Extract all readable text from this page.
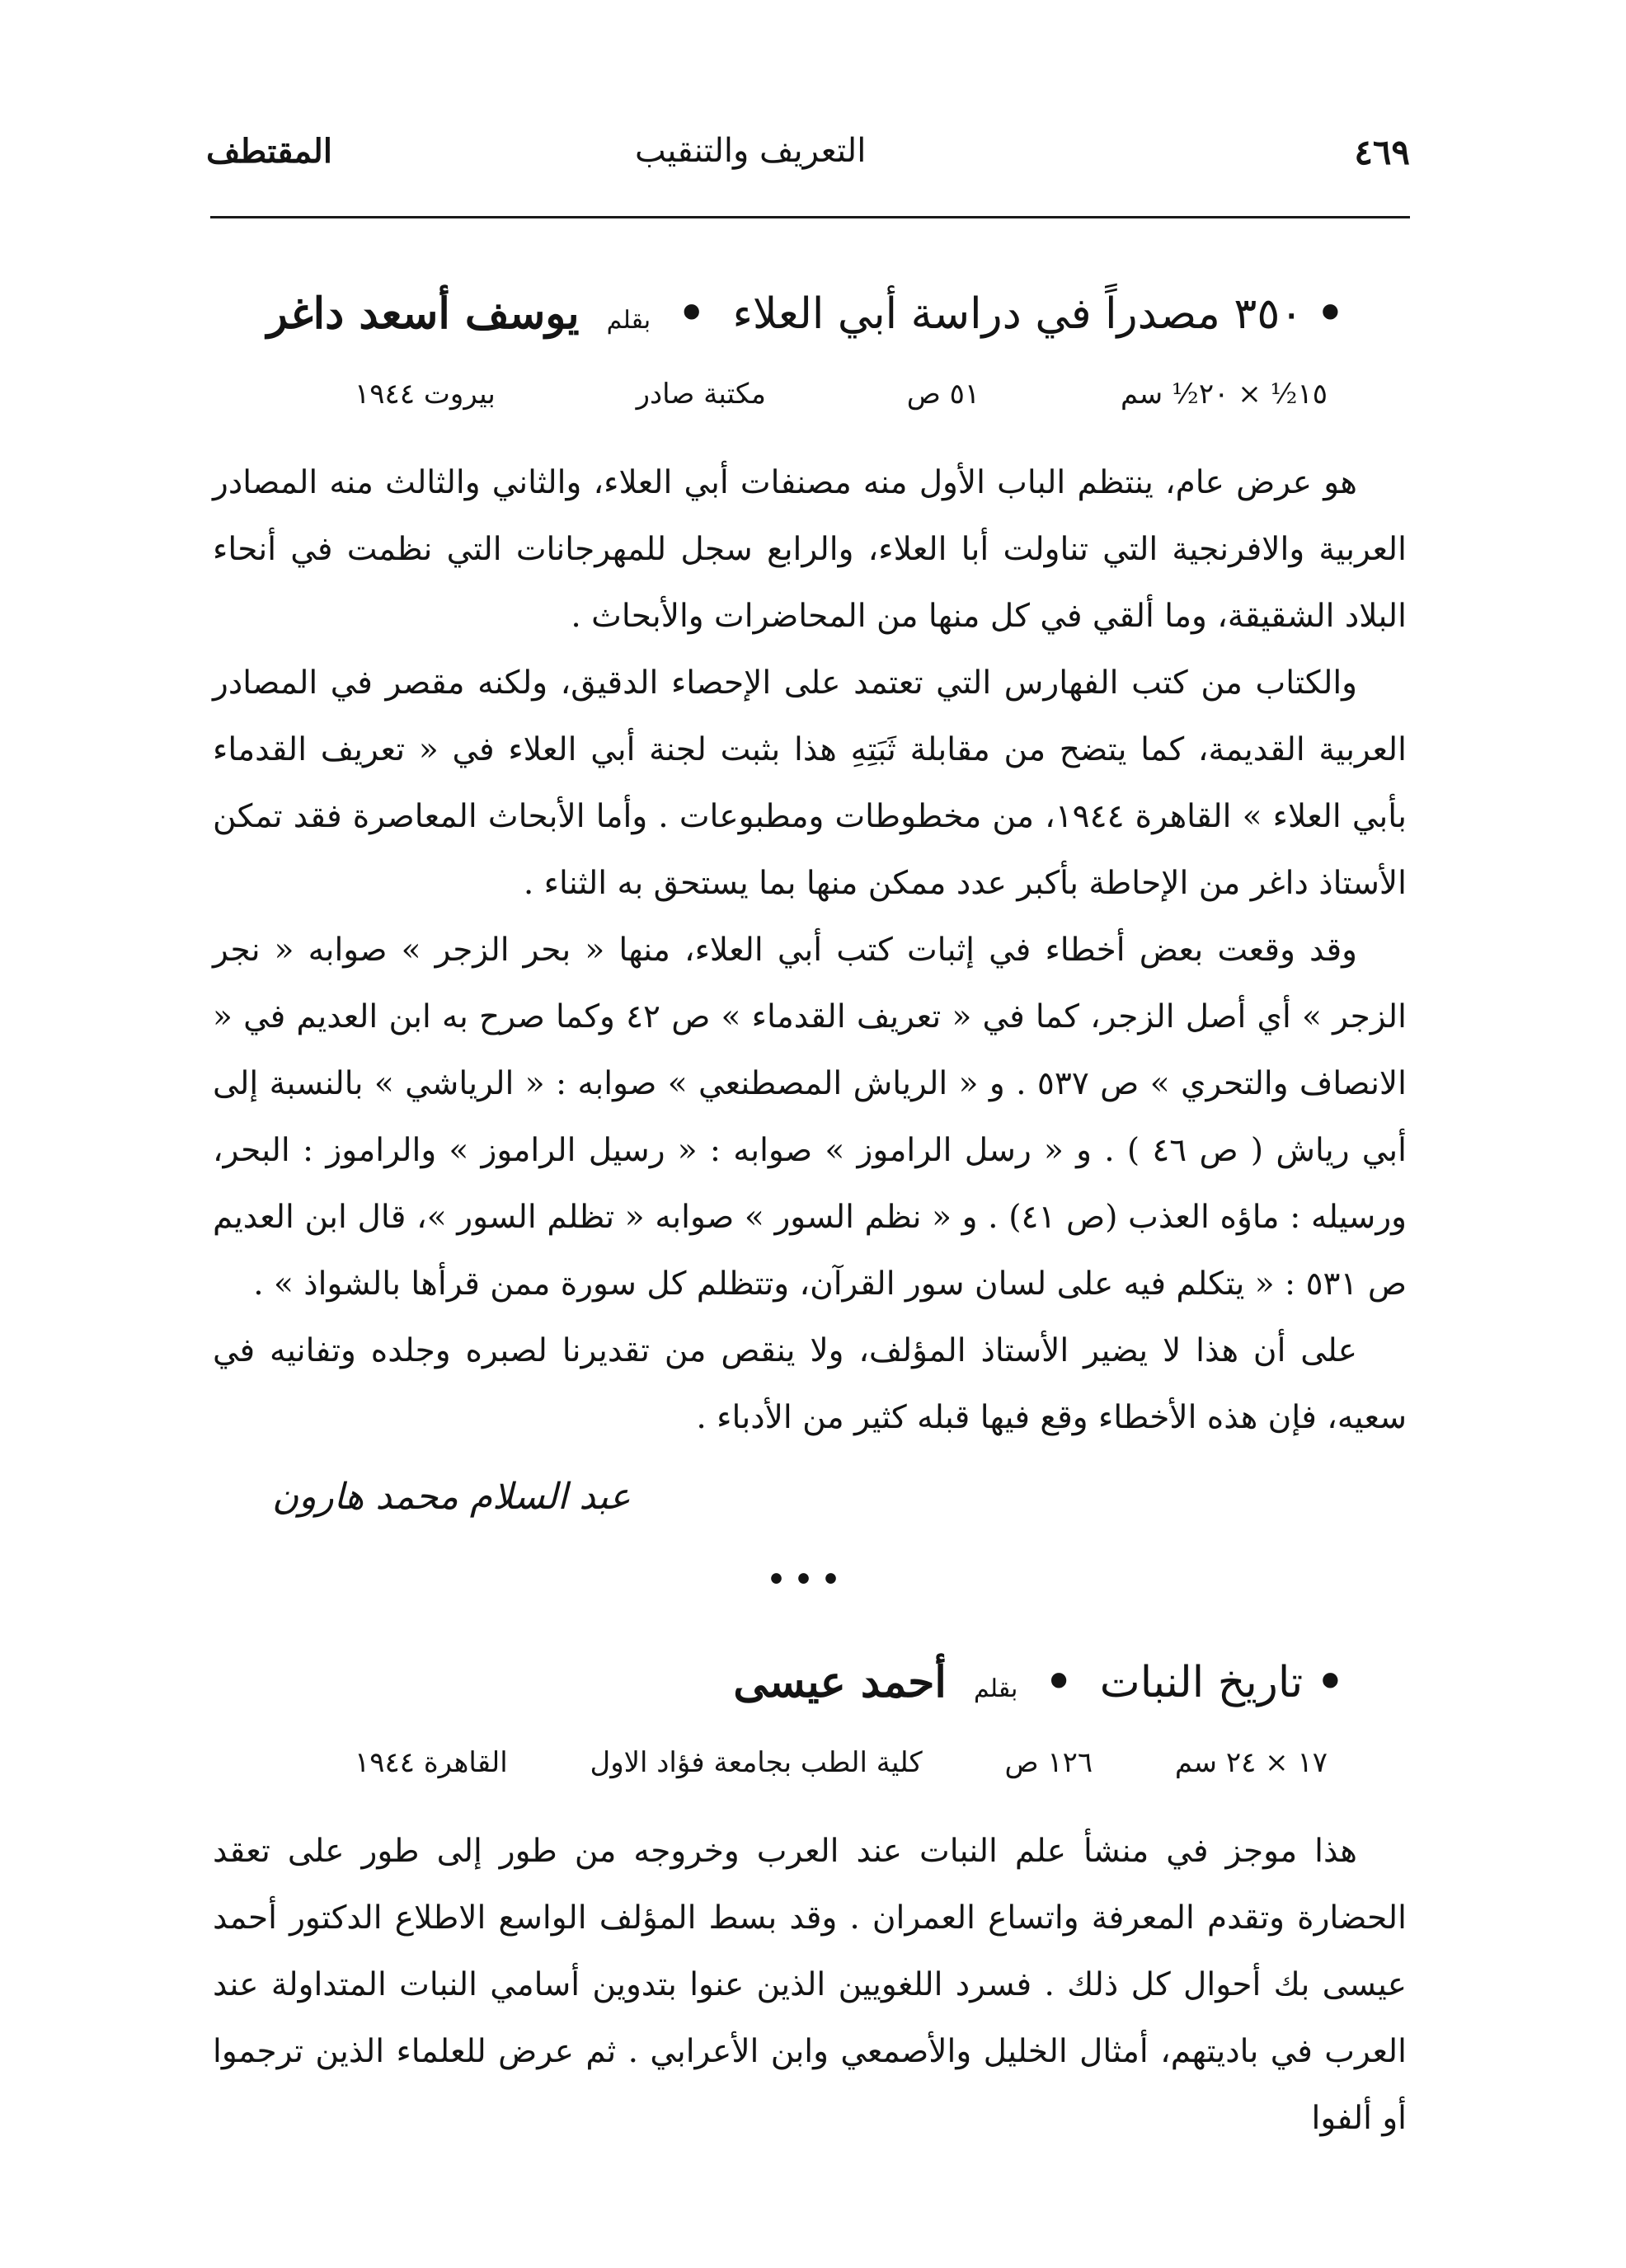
٤٦٩
التعريف والتنقيب
المقتطف
• ٣٥٠ مصدراً في دراسة أبي العلاء  •  بقلم  يوسف أسعد داغر
١٥½ × ٢٠½ سم
٥١ ص
مكتبة صادر
بيروت ١٩٤٤

هو عرض عام، ينتظم الباب الأول منه مصنفات أبي العلاء، والثاني والثالث منه المصادر العربية والافرنجية التي تناولت أبا العلاء، والرابع سجل للمهرجانات التي نظمت في أنحاء البلاد الشقيقة، وما ألقي في كل منها من المحاضرات والأبحاث .

والكتاب من كتب الفهارس التي تعتمد على الإحصاء الدقيق، ولكنه مقصر في المصادر العربية القديمة، كما يتضح من مقابلة ثَبَتِهِ هذا بثبت لجنة أبي العلاء في « تعريف القدماء بأبي العلاء » القاهرة ١٩٤٤، من مخطوطات ومطبوعات . وأما الأبحاث المعاصرة فقد تمكن الأستاذ داغر من الإحاطة بأكبر عدد ممكن منها بما يستحق به الثناء .

وقد وقعت بعض أخطاء في إثبات كتب أبي العلاء، منها « بحر الزجر » صوابه « نجر الزجر » أي أصل الزجر، كما في « تعريف القدماء » ص ٤٢ وكما صرح به ابن العديم في « الانصاف والتحري » ص ٥٣٧ . و « الرياش المصطنعي » صوابه : « الرياشي » بالنسبة إلى أبي رياش ( ص ٤٦ ) . و « رسل الراموز » صوابه : « رسيل الراموز » والراموز : البحر، ورسيله : ماؤه العذب (ص ٤١) . و « نظم السور » صوابه « تظلم السور »، قال ابن العديم ص ٥٣١ : « يتكلم فيه على لسان سور القرآن، وتتظلم كل سورة ممن قرأها بالشواذ » .

على أن هذا لا يضير الأستاذ المؤلف، ولا ينقص من تقديرنا لصبره وجلده وتفانيه في سعيه، فإن هذه الأخطاء وقع فيها قبله كثير من الأدباء .

عبد السلام محمد هارون
•••
• تاريخ النبات  •  بقلم  أحمد عيسى
١٧ × ٢٤ سم
١٢٦ ص
كلية الطب بجامعة فؤاد الاول
القاهرة ١٩٤٤

هذا موجز في منشأ علم النبات عند العرب وخروجه من طور إلى طور على تعقد الحضارة وتقدم المعرفة واتساع العمران . وقد بسط المؤلف الواسع الاطلاع الدكتور أحمد عيسى بك أحوال كل ذلك . فسرد اللغويين الذين عنوا بتدوين أسامي النبات المتداولة عند العرب في باديتهم، أمثال الخليل والأصمعي وابن الأعرابي . ثم عرض للعلماء الذين ترجموا أو ألفوا
